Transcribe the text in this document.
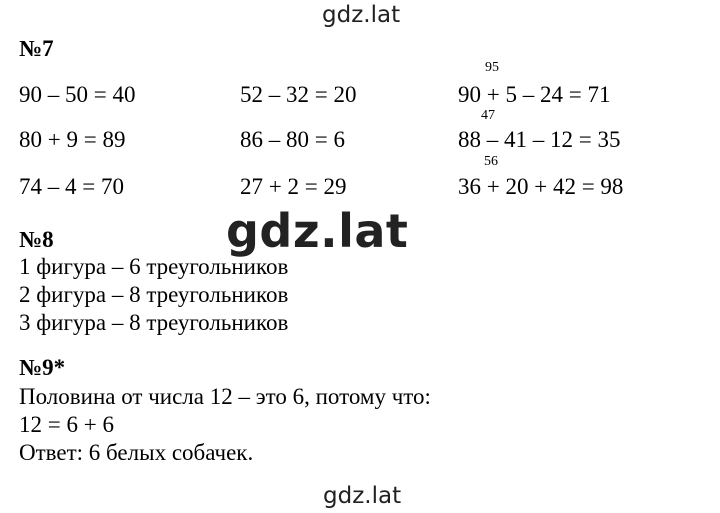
gdz.lat
№7
90 – 50 = 40
80 + 9 = 89
74 – 4 = 70
52 – 32 = 20
86 – 80 = 6
27 + 2 = 29
95
90 + 5 – 24 = 71
47
88 – 41 – 12 = 35
56
36 + 20 + 42 = 98
gdz.lat
№8
1 фигура – 6 треугольников
2 фигура – 8 треугольников
3 фигура – 8 треугольников
№9*
Половина от числа 12 – это 6, потому что:
12 = 6 + 6
Ответ: 6 белых собачек.
gdz.lat
